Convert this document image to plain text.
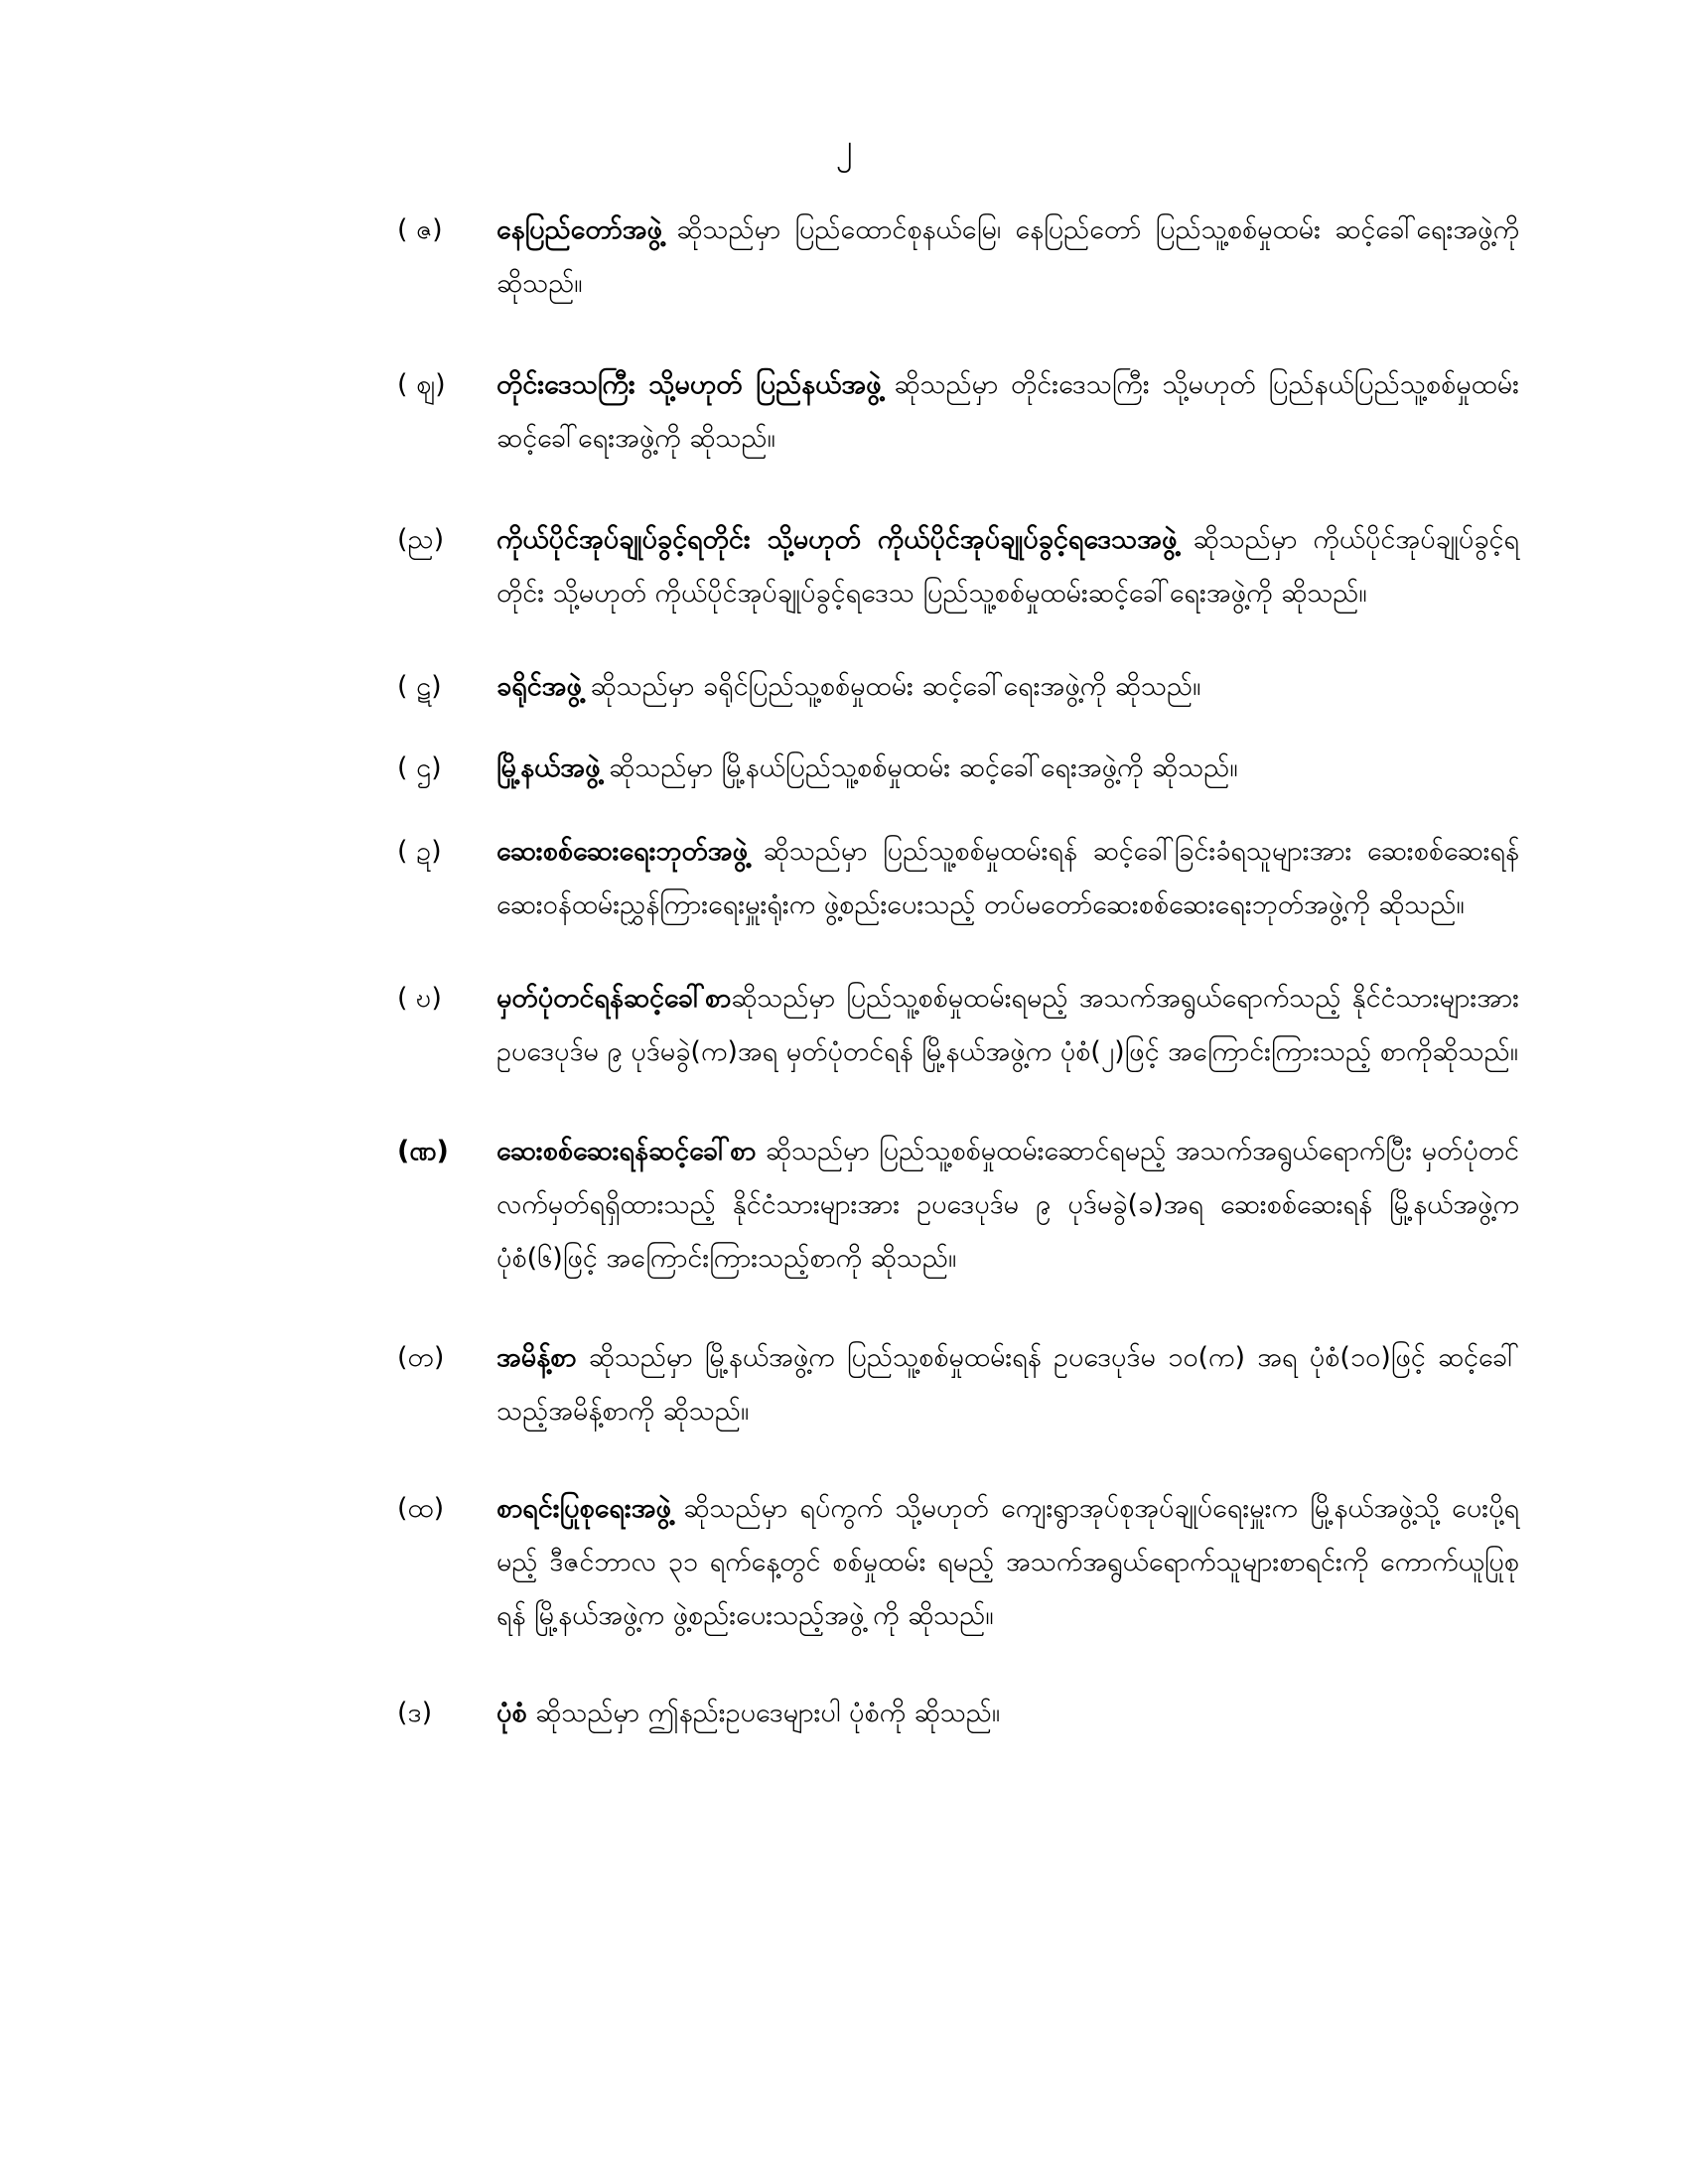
၂
( ဇ)	နေပြည်တော်အဖွဲ့ ဆိုသည်မှာ ပြည်ထောင်စုနယ်မြေ၊ နေပြည်တော် ပြည်သူ့စစ်မှုထမ်း ဆင့်ခေါ်ရေးအဖွဲ့ကို ဆိုသည်။
( ဈ)	တိုင်းဒေသကြီး သို့မဟုတ် ပြည်နယ်အဖွဲ့ ဆိုသည်မှာ တိုင်းဒေသကြီး သို့မဟုတ် ပြည်နယ်ပြည်သူ့စစ်မှုထမ်းဆင့်ခေါ်ရေးအဖွဲ့ကို ဆိုသည်။
(ည)	ကိုယ်ပိုင်အုပ်ချုပ်ခွင့်ရတိုင်း သို့မဟုတ် ကိုယ်ပိုင်အုပ်ချုပ်ခွင့်ရဒေသအဖွဲ့ ဆိုသည်မှာ ကိုယ်ပိုင်အုပ်ချုပ်ခွင့်ရတိုင်း သို့မဟုတ် ကိုယ်ပိုင်အုပ်ချုပ်ခွင့်ရဒေသ ပြည်သူ့စစ်မှုထမ်းဆင့်ခေါ်ရေးအဖွဲ့ကို ဆိုသည်။
( ဋ)	ခရိုင်အဖွဲ့ ဆိုသည်မှာ ခရိုင်ပြည်သူ့စစ်မှုထမ်း ဆင့်ခေါ်ရေးအဖွဲ့ကို ဆိုသည်။
( ဌ)	မြို့နယ်အဖွဲ့ ဆိုသည်မှာ မြို့နယ်ပြည်သူ့စစ်မှုထမ်း ဆင့်ခေါ်ရေးအဖွဲ့ကို ဆိုသည်။
( ဍ)	ဆေးစစ်ဆေးရေးဘုတ်အဖွဲ့ ဆိုသည်မှာ ပြည်သူ့စစ်မှုထမ်းရန် ဆင့်ခေါ်ခြင်းခံရသူများအား ဆေးစစ်ဆေးရန် ဆေးဝန်ထမ်းညွှန်ကြားရေးမှူးရုံးက ဖွဲ့စည်းပေးသည့် တပ်မတော်ဆေးစစ်ဆေးရေးဘုတ်အဖွဲ့ကို ဆိုသည်။
( ဎ)	မှတ်ပုံတင်ရန်ဆင့်ခေါ်စာဆိုသည်မှာ ပြည်သူ့စစ်မှုထမ်းရမည့် အသက်အရွယ်ရောက်သည့် နိုင်ငံသားများအား ဥပဒေပုဒ်မ ၉ ပုဒ်မခွဲ(က)အရ မှတ်ပုံတင်ရန် မြို့နယ်အဖွဲ့က ပုံစံ(၂)ဖြင့် အကြောင်းကြားသည့် စာကိုဆိုသည်။
(ဏ)	ဆေးစစ်ဆေးရန်ဆင့်ခေါ်စာ ဆိုသည်မှာ ပြည်သူ့စစ်မှုထမ်းဆောင်ရမည့် အသက်အရွယ်ရောက်ပြီး မှတ်ပုံတင်လက်မှတ်ရရှိထားသည့် နိုင်ငံသားများအား ဥပဒေပုဒ်မ ၉ ပုဒ်မခွဲ(ခ)အရ ဆေးစစ်ဆေးရန် မြို့နယ်အဖွဲ့က ပုံစံ(၆)ဖြင့် အကြောင်းကြားသည့်စာကို ဆိုသည်။
(တ)	အမိန့်စာ ဆိုသည်မှာ မြို့နယ်အဖွဲ့က ပြည်သူ့စစ်မှုထမ်းရန် ဥပဒေပုဒ်မ ၁၀(က) အရ ပုံစံ(၁၀)ဖြင့် ဆင့်ခေါ်သည့်အမိန့်စာကို ဆိုသည်။
(ထ)	စာရင်းပြုစုရေးအဖွဲ့ ဆိုသည်မှာ ရပ်ကွက် သို့မဟုတ် ကျေးရွာအုပ်စုအုပ်ချုပ်ရေးမှူးက မြို့နယ်အဖွဲ့သို့ ပေးပို့ရမည့် ဒီဇင်ဘာလ ၃၁ ရက်နေ့တွင် စစ်မှုထမ်း ရမည့် အသက်အရွယ်ရောက်သူများစာရင်းကို ကောက်ယူပြုစုရန် မြို့နယ်အဖွဲ့က ဖွဲ့စည်းပေးသည့်အဖွဲ့ ကို ဆိုသည်။
(ဒ)	ပုံစံ ဆိုသည်မှာ ဤနည်းဥပဒေများပါ ပုံစံကို ဆိုသည်။
